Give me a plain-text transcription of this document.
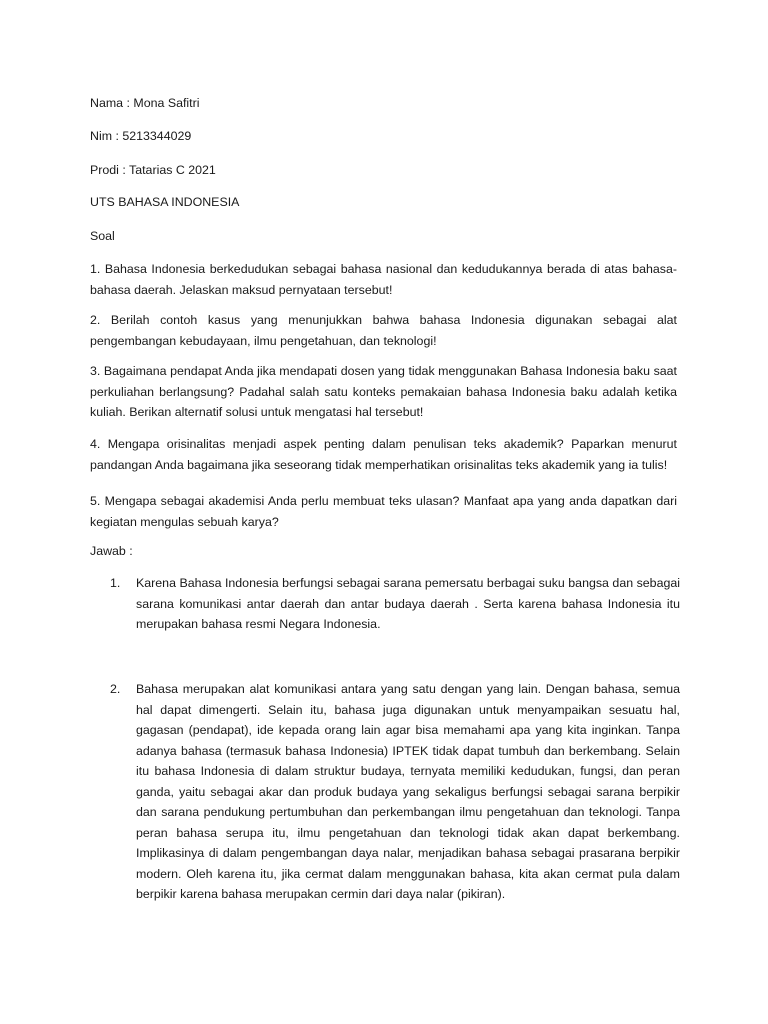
Nama : Mona Safitri
Nim : 5213344029
Prodi : Tatarias C 2021
UTS BAHASA INDONESIA
Soal
1. Bahasa Indonesia berkedudukan sebagai bahasa nasional dan kedudukannya berada di atas bahasa-bahasa daerah. Jelaskan maksud pernyataan tersebut!
2. Berilah contoh kasus yang menunjukkan bahwa bahasa Indonesia digunakan sebagai alat pengembangan kebudayaan, ilmu pengetahuan, dan teknologi!
3. Bagaimana pendapat Anda jika mendapati dosen yang tidak menggunakan Bahasa Indonesia baku saat perkuliahan berlangsung? Padahal salah satu konteks pemakaian bahasa Indonesia baku adalah ketika kuliah. Berikan alternatif solusi untuk mengatasi hal tersebut!
4. Mengapa orisinalitas menjadi aspek penting dalam penulisan teks akademik? Paparkan menurut pandangan Anda bagaimana jika seseorang tidak memperhatikan orisinalitas teks akademik yang ia tulis!
5. Mengapa sebagai akademisi Anda perlu membuat teks ulasan? Manfaat apa yang anda dapatkan dari kegiatan mengulas sebuah karya?
Jawab :
1. Karena Bahasa Indonesia berfungsi sebagai sarana pemersatu berbagai suku bangsa dan sebagai sarana komunikasi antar daerah dan antar budaya daerah . Serta karena bahasa Indonesia itu merupakan bahasa resmi Negara Indonesia.
2. Bahasa merupakan alat komunikasi antara yang satu dengan yang lain. Dengan bahasa, semua hal dapat dimengerti. Selain itu, bahasa juga digunakan untuk menyampaikan sesuatu hal, gagasan (pendapat), ide kepada orang lain agar bisa memahami apa yang kita inginkan. Tanpa adanya bahasa (termasuk bahasa Indonesia) IPTEK tidak dapat tumbuh dan berkembang. Selain itu bahasa Indonesia di dalam struktur budaya, ternyata memiliki kedudukan, fungsi, dan peran ganda, yaitu sebagai akar dan produk budaya yang sekaligus berfungsi sebagai sarana berpikir dan sarana pendukung pertumbuhan dan perkembangan ilmu pengetahuan dan teknologi. Tanpa peran bahasa serupa itu, ilmu pengetahuan dan teknologi tidak akan dapat berkembang. Implikasinya di dalam pengembangan daya nalar, menjadikan bahasa sebagai prasarana berpikir modern. Oleh karena itu, jika cermat dalam menggunakan bahasa, kita akan cermat pula dalam berpikir karena bahasa merupakan cermin dari daya nalar (pikiran).
